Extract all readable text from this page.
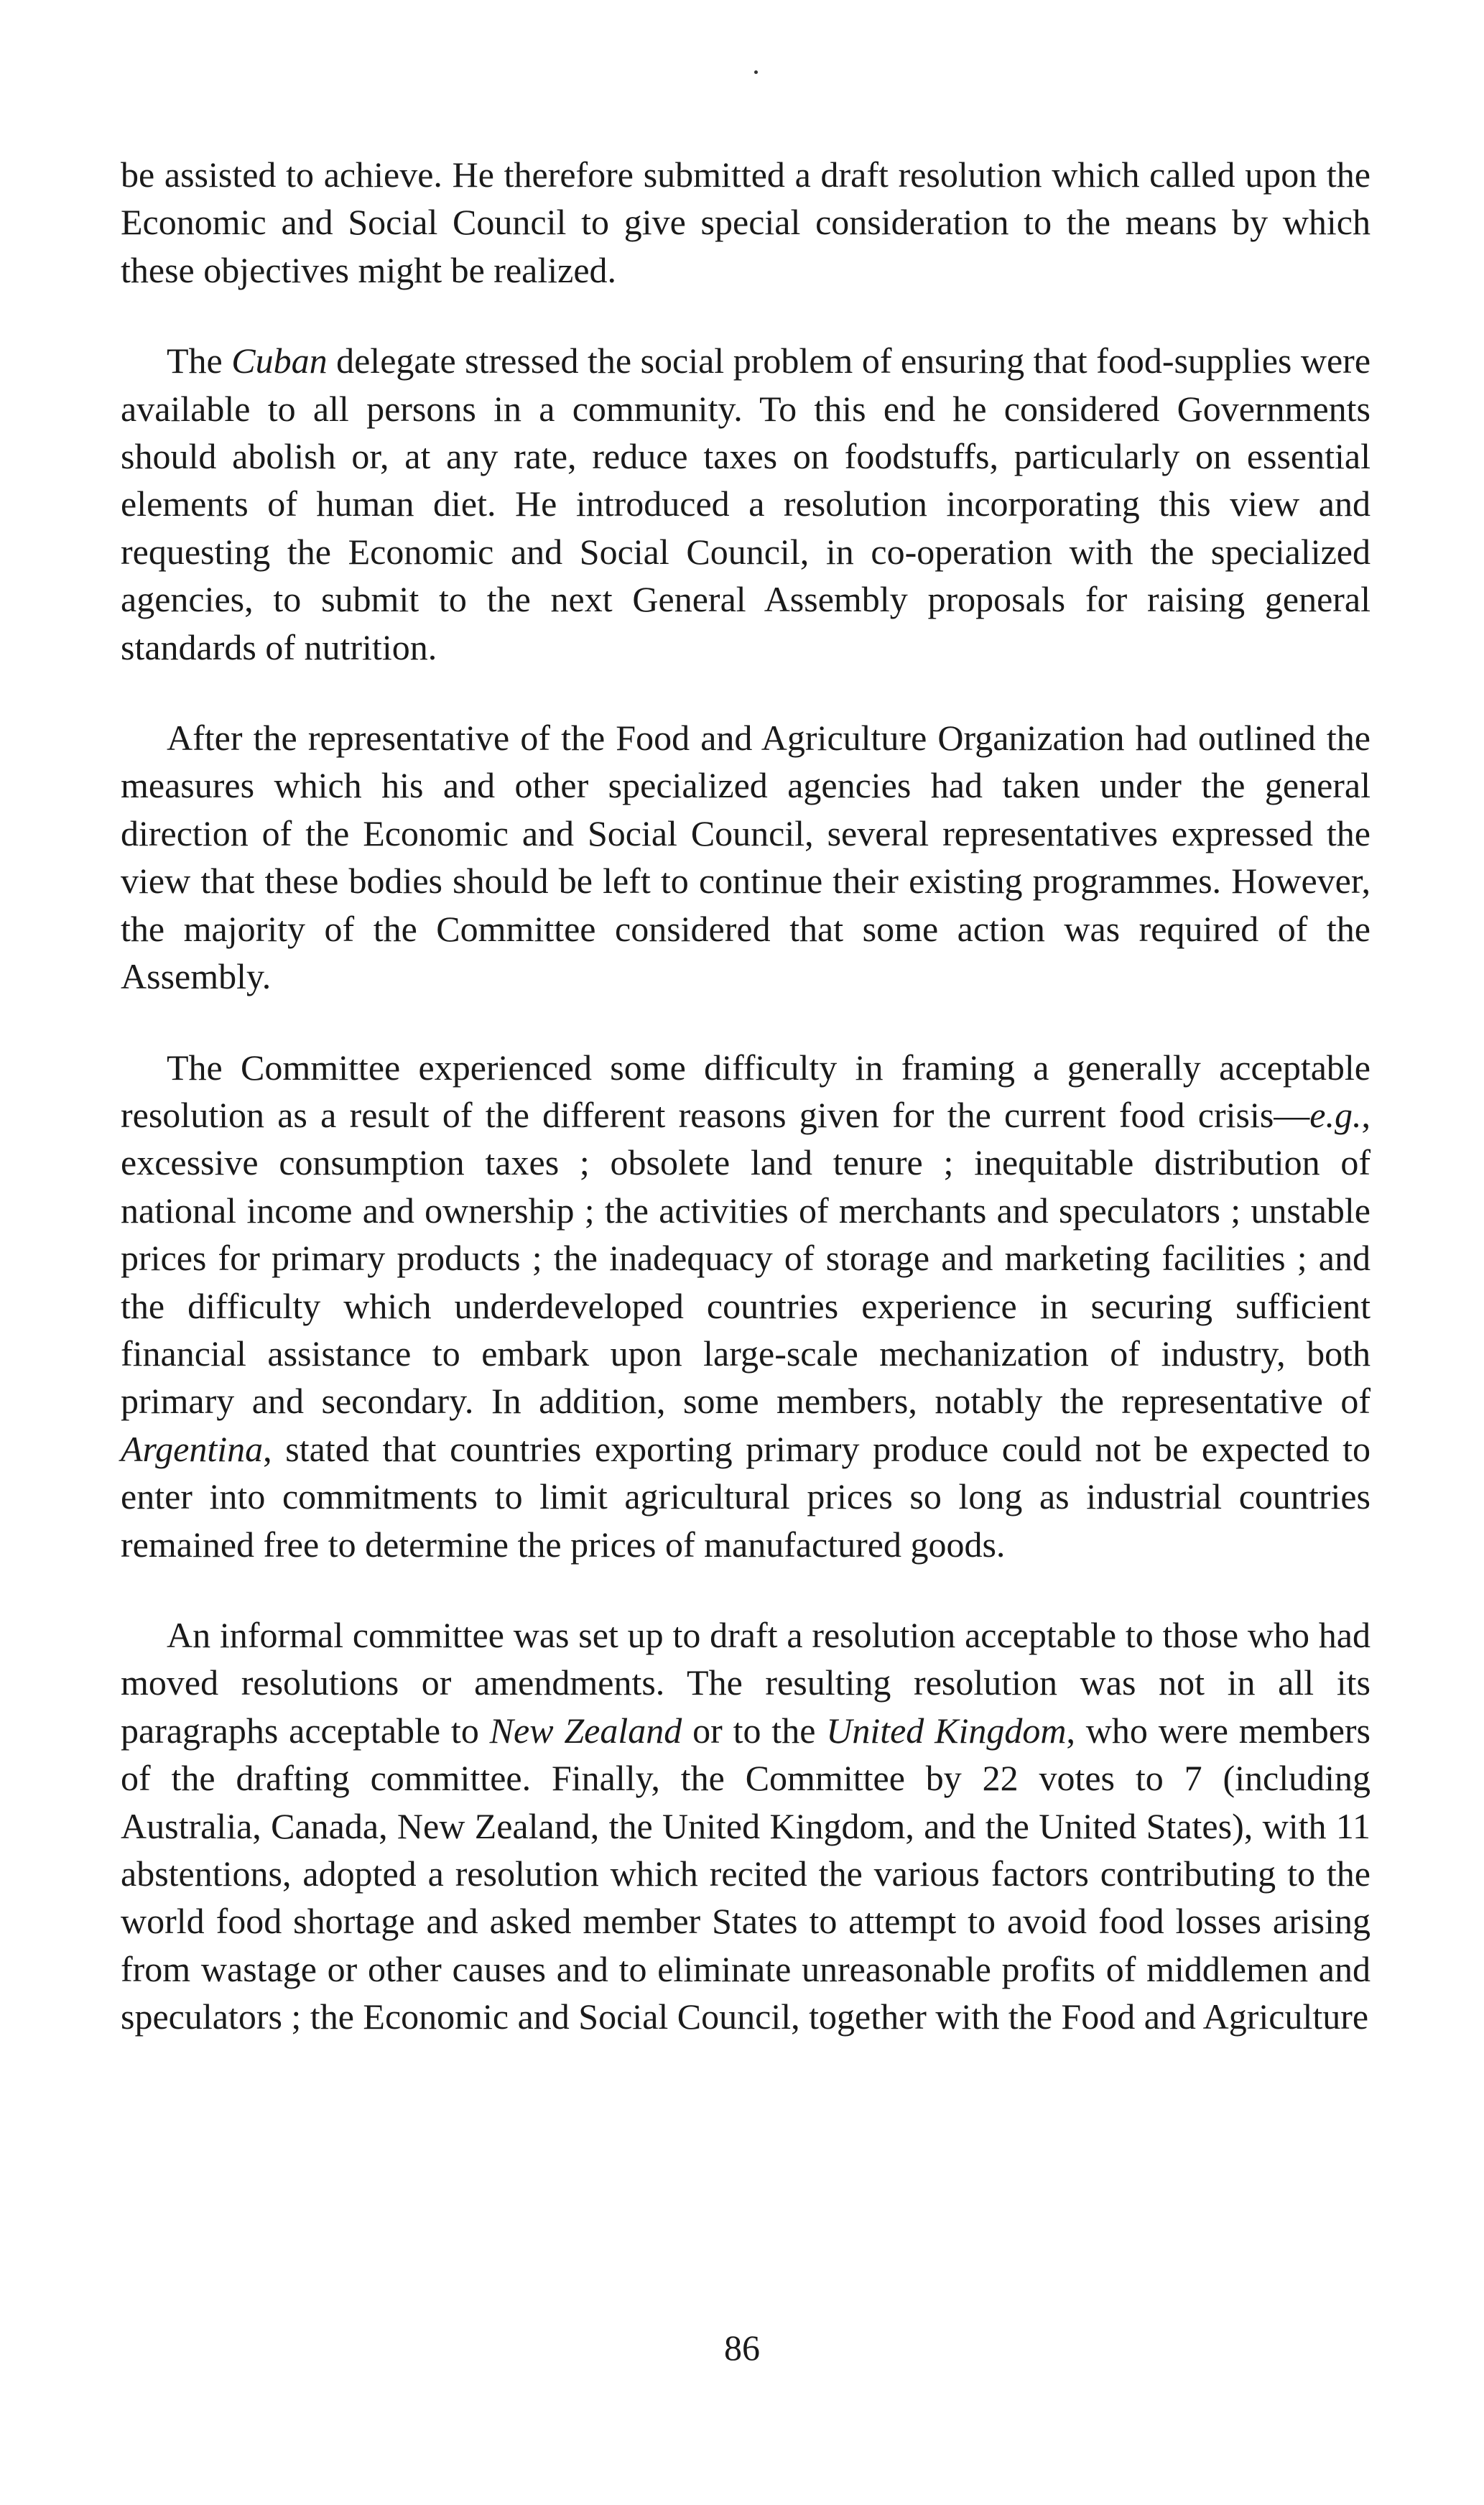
be assisted to achieve. He therefore submitted a draft resolution which called upon the Economic and Social Council to give special consideration to the means by which these objectives might be realized.

The Cuban delegate stressed the social problem of ensuring that food-supplies were available to all persons in a community. To this end he considered Governments should abolish or, at any rate, reduce taxes on foodstuffs, particularly on essential elements of human diet. He introduced a resolution incorporating this view and requesting the Economic and Social Council, in co-operation with the specialized agencies, to submit to the next General Assembly proposals for raising general standards of nutrition.

After the representative of the Food and Agriculture Organization had outlined the measures which his and other specialized agencies had taken under the general direction of the Economic and Social Council, several representatives expressed the view that these bodies should be left to continue their existing programmes. However, the majority of the Committee considered that some action was required of the Assembly.

The Committee experienced some difficulty in framing a generally acceptable resolution as a result of the different reasons given for the current food crisis—e.g., excessive consumption taxes ; obsolete land tenure ; inequitable distribution of national income and ownership ; the activities of merchants and speculators ; unstable prices for primary products ; the inadequacy of storage and marketing facilities ; and the difficulty which underdeveloped countries experience in securing sufficient financial assistance to embark upon large-scale mechanization of industry, both primary and secondary. In addition, some members, notably the representative of Argentina, stated that countries exporting primary produce could not be expected to enter into commitments to limit agricultural prices so long as industrial countries remained free to determine the prices of manufactured goods.

An informal committee was set up to draft a resolution acceptable to those who had moved resolutions or amendments. The resulting resolution was not in all its paragraphs acceptable to New Zealand or to the United Kingdom, who were members of the drafting committee. Finally, the Committee by 22 votes to 7 (including Australia, Canada, New Zealand, the United Kingdom, and the United States), with 11 abstentions, adopted a resolution which recited the various factors contributing to the world food shortage and asked member States to attempt to avoid food losses arising from wastage or other causes and to eliminate unreasonable profits of middlemen and speculators ; the Economic and Social Council, together with the Food and Agriculture

86
